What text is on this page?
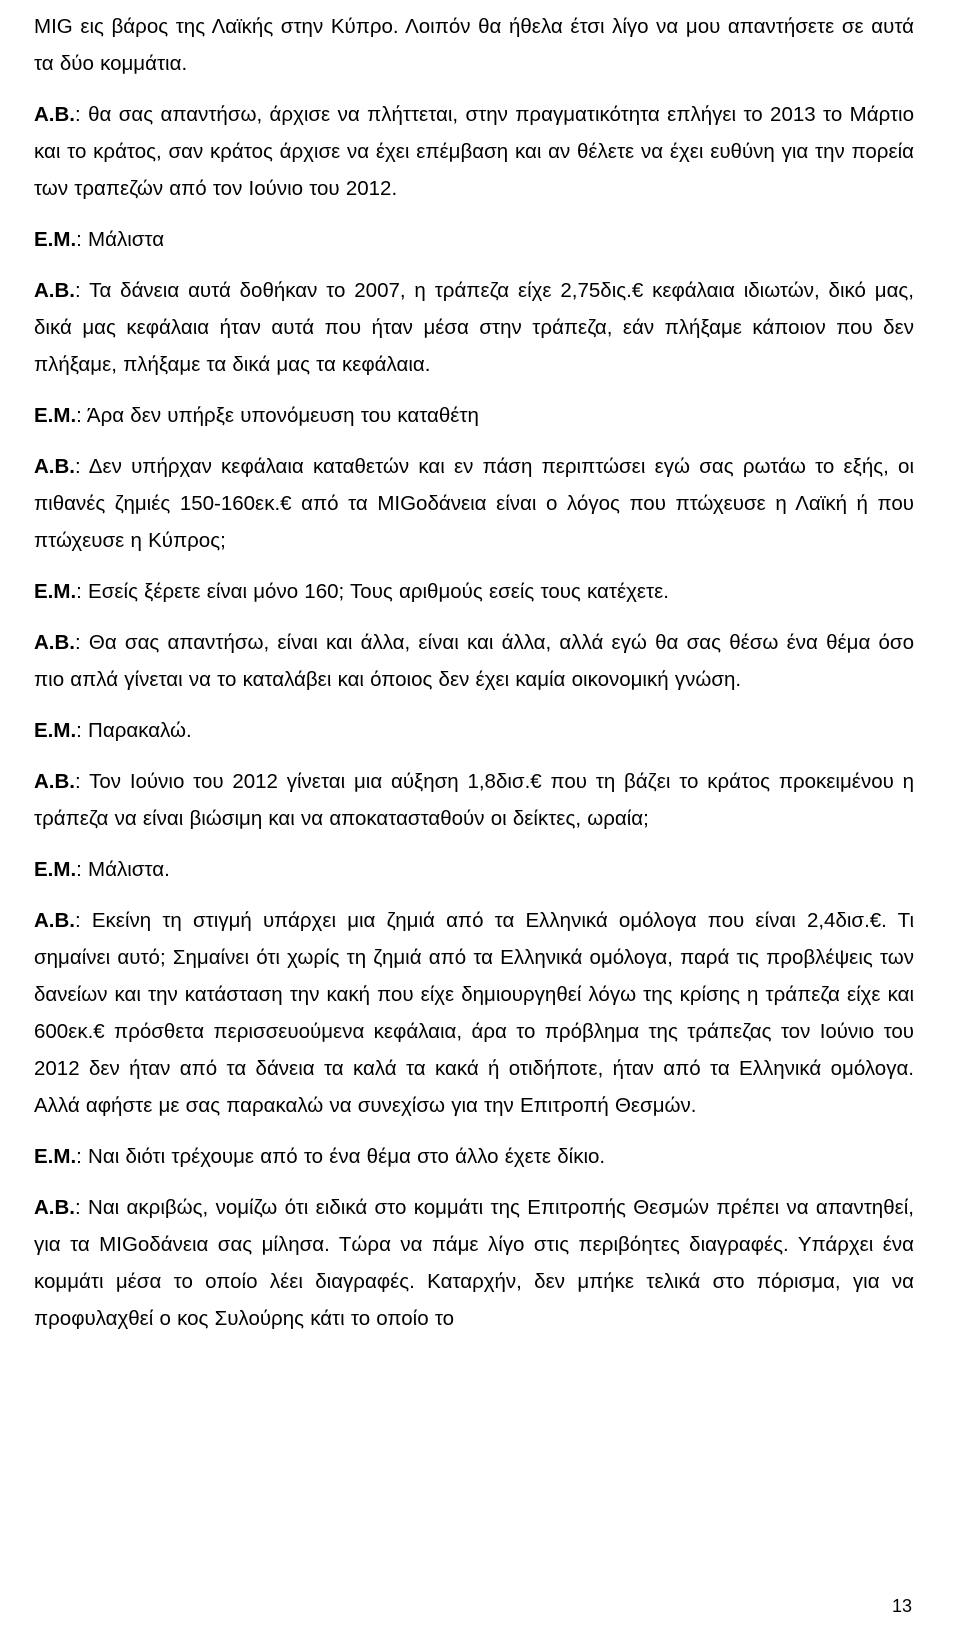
MIG εις βάρος της Λαϊκής στην Κύπρο. Λοιπόν θα ήθελα έτσι λίγο να μου απαντήσετε σε αυτά τα δύο κομμάτια.

Α.Β.: θα σας απαντήσω, άρχισε να πλήττεται, στην πραγματικότητα επλήγει το 2013 το Μάρτιο και το κράτος, σαν κράτος άρχισε να έχει επέμβαση και αν θέλετε να έχει ευθύνη για την πορεία των τραπεζών από τον Ιούνιο του 2012.

Ε.Μ.: Μάλιστα

Α.Β.: Τα δάνεια αυτά δοθήκαν το 2007, η τράπεζα είχε 2,75δις.€ κεφάλαια ιδιωτών, δικό μας, δικά μας κεφάλαια ήταν αυτά που ήταν μέσα στην τράπεζα, εάν πλήξαμε κάποιον που δεν πλήξαμε, πλήξαμε τα δικά μας τα κεφάλαια.

Ε.Μ.: Άρα δεν υπήρξε υπονόμευση του καταθέτη

Α.Β.: Δεν υπήρχαν κεφάλαια καταθετών και εν πάση περιπτώσει εγώ σας ρωτάω το εξής, οι πιθανές ζημιές 150-160εκ.€ από τα MIGοδάνεια είναι ο λόγος που πτώχευσε η Λαϊκή ή που πτώχευσε η Κύπρος;

Ε.Μ.: Εσείς ξέρετε είναι μόνο 160; Τους αριθμούς εσείς τους κατέχετε.

Α.Β.: Θα σας απαντήσω, είναι και άλλα, είναι και άλλα, αλλά εγώ θα σας θέσω ένα θέμα όσο πιο απλά γίνεται να το καταλάβει και όποιος δεν έχει καμία οικονομική γνώση.

Ε.Μ.: Παρακαλώ.

Α.Β.: Τον Ιούνιο του 2012 γίνεται μια αύξηση 1,8δισ.€ που τη βάζει το κράτος προκειμένου η τράπεζα να είναι βιώσιμη και να αποκατασταθούν οι δείκτες, ωραία;

Ε.Μ.: Μάλιστα.

Α.Β.: Εκείνη τη στιγμή υπάρχει μια ζημιά από τα Ελληνικά ομόλογα που είναι 2,4δισ.€. Τι σημαίνει αυτό; Σημαίνει ότι χωρίς τη ζημιά από τα Ελληνικά ομόλογα, παρά τις προβλέψεις των δανείων και την κατάσταση την κακή που είχε δημιουργηθεί λόγω της κρίσης η τράπεζα είχε και 600εκ.€ πρόσθετα περισσευούμενα κεφάλαια, άρα το πρόβλημα της τράπεζας τον Ιούνιο του 2012 δεν ήταν από τα δάνεια τα καλά τα κακά ή οτιδήποτε, ήταν από τα Ελληνικά ομόλογα. Αλλά αφήστε με σας παρακαλώ να συνεχίσω για την Επιτροπή Θεσμών.

Ε.Μ.: Ναι διότι τρέχουμε από το ένα θέμα στο άλλο έχετε δίκιο.

Α.Β.: Ναι ακριβώς, νομίζω ότι ειδικά στο κομμάτι της Επιτροπής Θεσμών πρέπει να απαντηθεί, για τα MIGοδάνεια σας μίλησα. Τώρα να πάμε λίγο στις περιβόητες διαγραφές. Υπάρχει ένα κομμάτι μέσα το οποίο λέει διαγραφές. Καταρχήν, δεν μπήκε τελικά στο πόρισμα, για να προφυλαχθεί ο κος Συλούρης κάτι το οποίο το

13
